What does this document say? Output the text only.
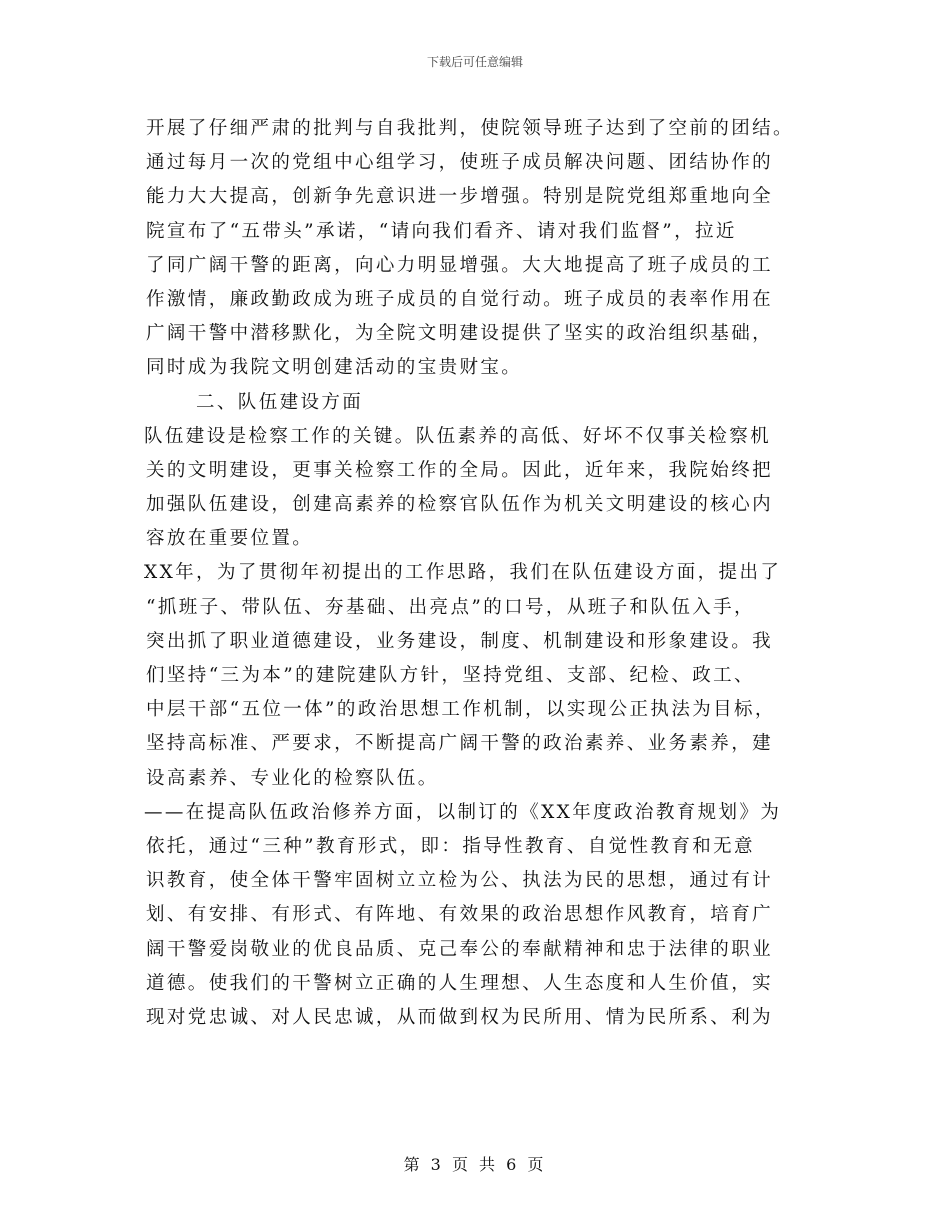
下载后可任意编辑
开展了仔细严肃的批判与自我批判，使院领导班子达到了空前的团结。
通过每月一次的党组中心组学习，使班子成员解决问题、团结协作的
能力大大提高，创新争先意识进一步增强。特别是院党组郑重地向全
院宣布了“五带头”承诺，“请向我们看齐、请对我们监督”，拉近
了同广阔干警的距离，向心力明显增强。大大地提高了班子成员的工
作激情，廉政勤政成为班子成员的自觉行动。班子成员的表率作用在
广阔干警中潜移默化，为全院文明建设提供了坚实的政治组织基础，
同时成为我院文明创建活动的宝贵财宝。
二、队伍建设方面
队伍建设是检察工作的关键。队伍素养的高低、好坏不仅事关检察机
关的文明建设，更事关检察工作的全局。因此，近年来，我院始终把
加强队伍建设，创建高素养的检察官队伍作为机关文明建设的核心内
容放在重要位置。
XX年，为了贯彻年初提出的工作思路，我们在队伍建设方面，提出了
“抓班子、带队伍、夯基础、出亮点”的口号，从班子和队伍入手，
突出抓了职业道德建设，业务建设，制度、机制建设和形象建设。我
们坚持“三为本”的建院建队方针，坚持党组、支部、纪检、政工、
中层干部“五位一体”的政治思想工作机制，以实现公正执法为目标，
坚持高标准、严要求，不断提高广阔干警的政治素养、业务素养，建
设高素养、专业化的检察队伍。
——在提高队伍政治修养方面，以制订的《XX年度政治教育规划》为
依托，通过“三种”教育形式，即：指导性教育、自觉性教育和无意
识教育，使全体干警牢固树立立检为公、执法为民的思想，通过有计
划、有安排、有形式、有阵地、有效果的政治思想作风教育，培育广
阔干警爱岗敬业的优良品质、克己奉公的奉献精神和忠于法律的职业
道德。使我们的干警树立正确的人生理想、人生态度和人生价值，实
现对党忠诚、对人民忠诚，从而做到权为民所用、情为民所系、利为
第 3 页 共 6 页
